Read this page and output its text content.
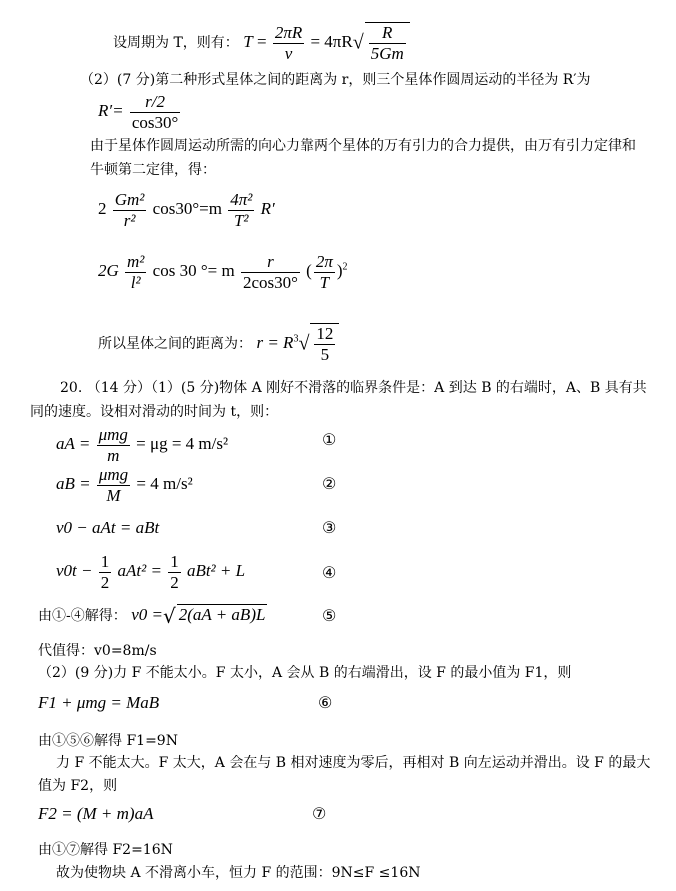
设周期为 T，则有： $T = \frac{2\pi R}{v} = 4\pi R√ \frac{R}{5Gm}$
（2）(7 分)第二种形式星体之间的距离为 r，则三个星体作圆周运动的半径为 R′为
$R'= \frac{r/2}{\cos 30^\circ}$
由于星体作圆周运动所需的向心力靠两个星体的万有引力的合力提供，由万有引力定律和
牛顿第二定律，得：
$2 \frac{\text{Gm²}}{\text{r²}} \cos 30^\circ=m \frac{\text{4π²}}{\text{T²}} R'$
$2G \frac{\text{m²}}{\text{l²}}$ cos 30 °= m $\frac{r}{2\cos 30^\circ}$ ( $\frac{2\pi}{T} )^2$
所以星体之间的距离为： $r = R^3√ \frac{12}{5}$
20. （14 分）（1）(5 分)物体 A 刚好不滑落的临界条件是：A 到达 B 的右端时，A、B 具有共
同的速度。设相对滑动的时间为 t，则：
aA = $\frac{\text{μmg}}{m} = \mu g = 4$ m/s²	①
aB = $\frac{\text{μmg}}{M} = 4$ m/s²	②
v0 − aAt = aBt	③
$v0t - \frac{1}{2} aAt^2 = \frac{1}{2} aBt^2 + L$	④
由①-④解得： v0 =√ 2(aA + aB)L	⑤
代值得：v0=8m/s
（2）(9 分)力 F 不能太小。F 太小，A 会从 B 的右端滑出，设 F 的最小值为 F1，则
F1 + μmg = MaB	⑥
由①⑤⑥解得 F1=9N
力 F 不能太大。F 太大，A 会在与 B 相对速度为零后，再相对 B 向左运动并滑出。设 F 的最大
值为 F2，则
F2 = (M + m)aA	⑦
由①⑦解得 F2=16N
故为使物块 A 不滑离小车，恒力 F 的范围：9N≤F ≤16N
